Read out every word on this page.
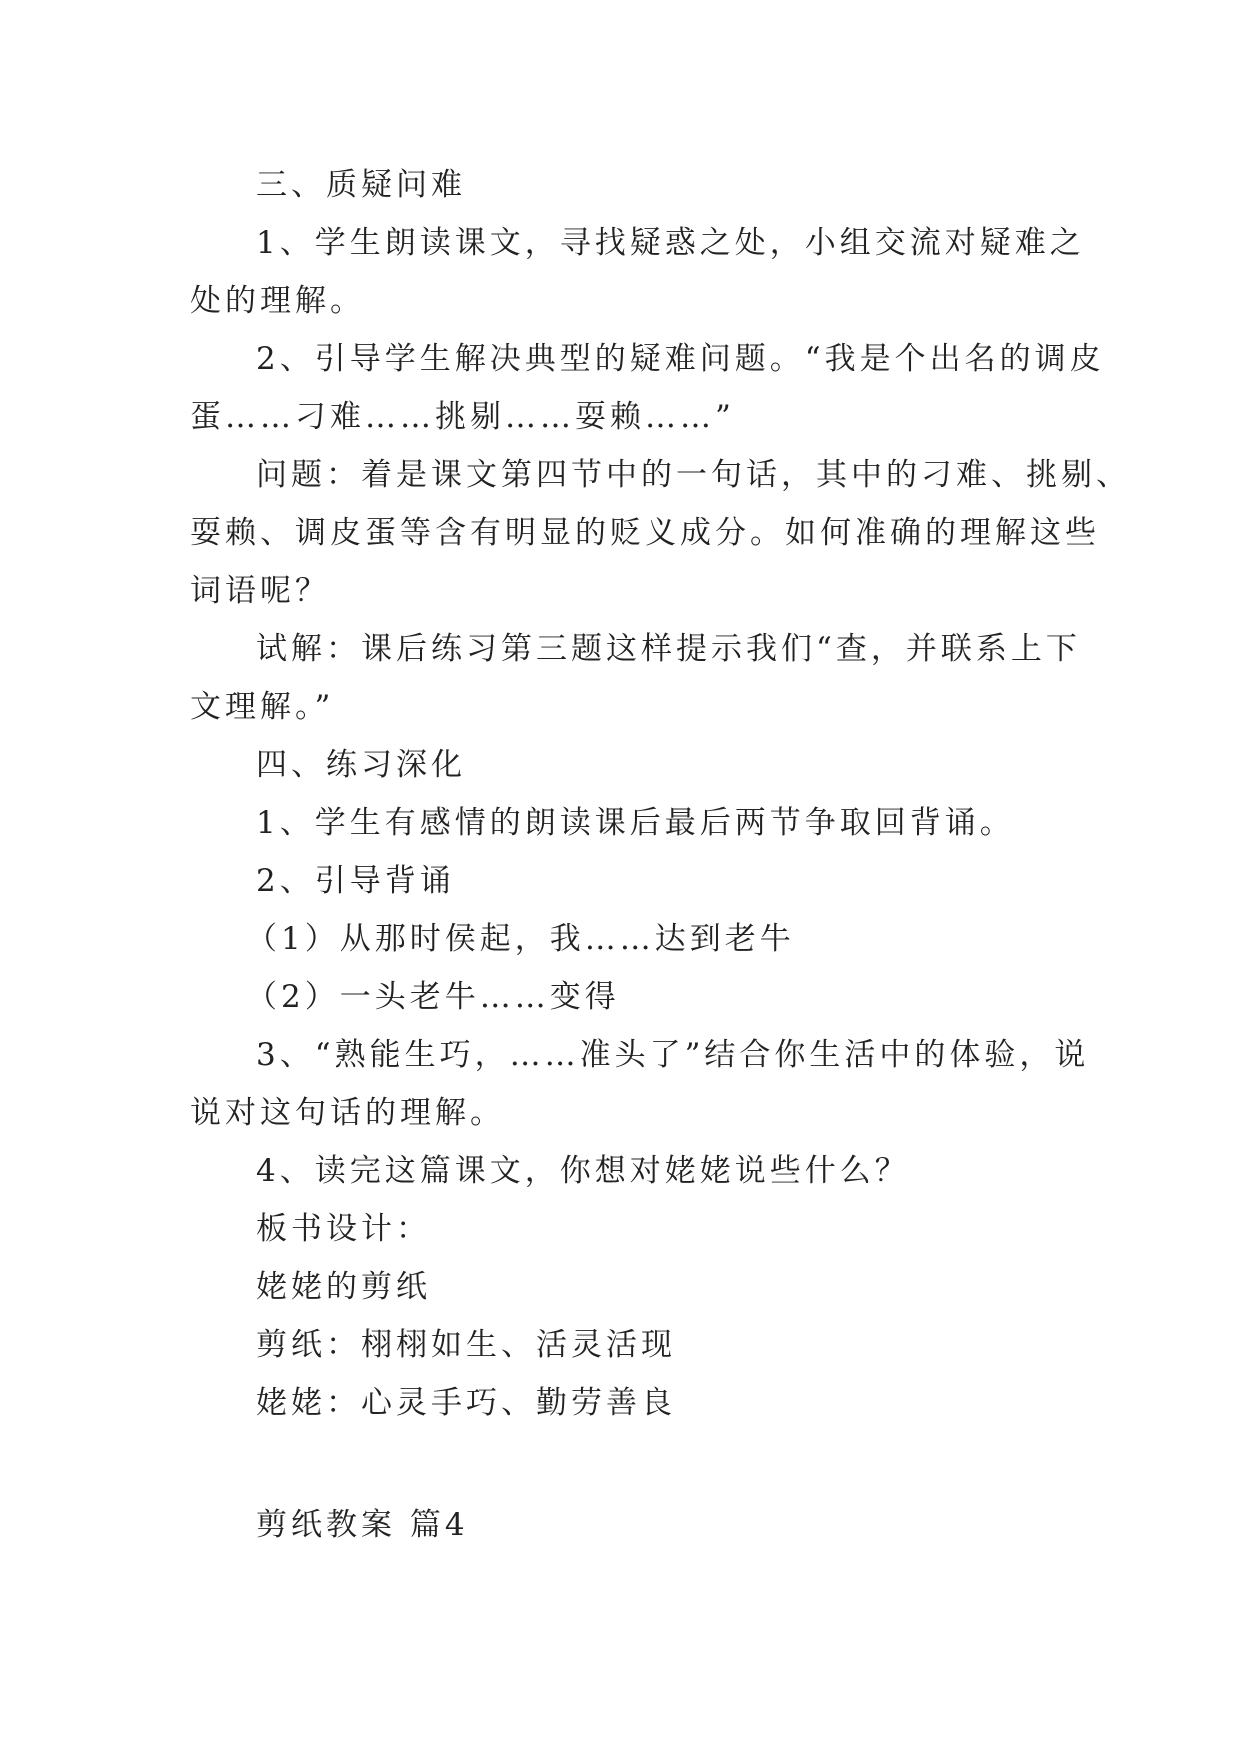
三、质疑问难
1、学生朗读课文，寻找疑惑之处，小组交流对疑难之
处的理解。
2、引导学生解决典型的疑难问题。“我是个出名的调皮
蛋……刁难……挑剔……耍赖……”
问题：着是课文第四节中的一句话，其中的刁难、挑剔、
耍赖、调皮蛋等含有明显的贬义成分。如何准确的理解这些
词语呢？
试解：课后练习第三题这样提示我们“查，并联系上下
文理解。”
四、练习深化
1、学生有感情的朗读课后最后两节争取回背诵。
2、引导背诵
（1）从那时侯起，我……达到老牛
（2）一头老牛……变得
3、“熟能生巧，……准头了”结合你生活中的体验，说
说对这句话的理解。
4、读完这篇课文，你想对姥姥说些什么？
板书设计：
姥姥的剪纸
剪纸：栩栩如生、活灵活现
姥姥：心灵手巧、勤劳善良
剪纸教案 篇4
